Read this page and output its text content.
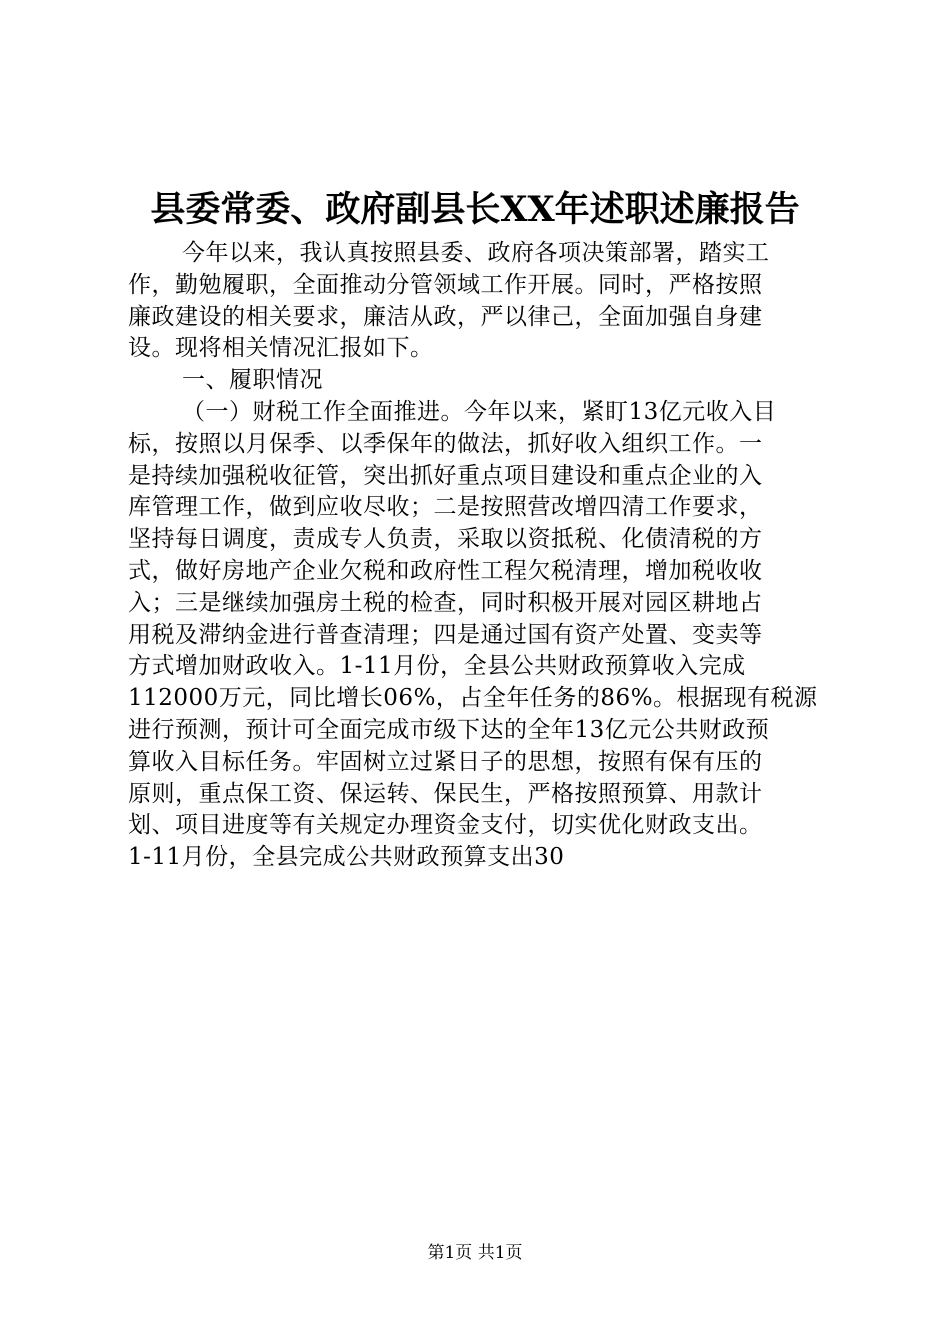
县委常委、政府副县长XX年述职述廉报告
今年以来，我认真按照县委、政府各项决策部署，踏实工
作，勤勉履职，全面推动分管领域工作开展。同时，严格按照
廉政建设的相关要求，廉洁从政，严以律己，全面加强自身建
设。现将相关情况汇报如下。
一、履职情况
（一）财税工作全面推进。今年以来，紧盯13亿元收入目
标，按照以月保季、以季保年的做法，抓好收入组织工作。一
是持续加强税收征管，突出抓好重点项目建设和重点企业的入
库管理工作，做到应收尽收；二是按照营改增四清工作要求，
坚持每日调度，责成专人负责，采取以资抵税、化债清税的方
式，做好房地产企业欠税和政府性工程欠税清理，增加税收收
入；三是继续加强房土税的检查，同时积极开展对园区耕地占
用税及滞纳金进行普查清理；四是通过国有资产处置、变卖等
方式增加财政收入。1-11月份，全县公共财政预算收入完成
112000万元，同比增长06%，占全年任务的86%。根据现有税源
进行预测，预计可全面完成市级下达的全年13亿元公共财政预
算收入目标任务。牢固树立过紧日子的思想，按照有保有压的
原则，重点保工资、保运转、保民生，严格按照预算、用款计
划、项目进度等有关规定办理资金支付，切实优化财政支出。
1-11月份，全县完成公共财政预算支出30
第1页 共1页
